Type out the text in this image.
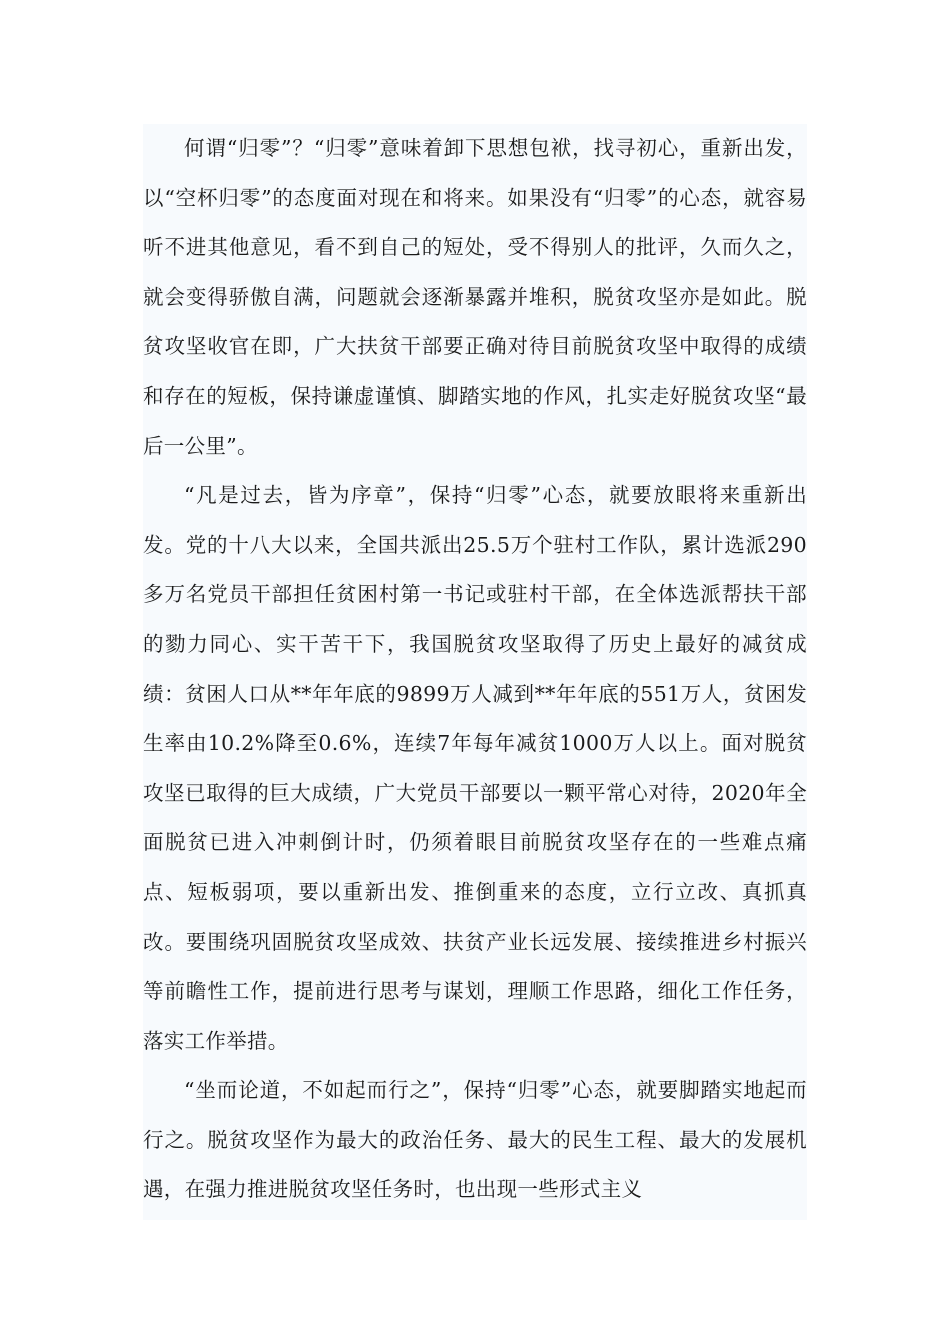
何谓“归零”？“归零”意味着卸下思想包袱，找寻初心，重新出发，以“空杯归零”的态度面对现在和将来。如果没有“归零”的心态，就容易听不进其他意见，看不到自己的短处，受不得别人的批评，久而久之，就会变得骄傲自满，问题就会逐渐暴露并堆积，脱贫攻坚亦是如此。脱贫攻坚收官在即，广大扶贫干部要正确对待目前脱贫攻坚中取得的成绩和存在的短板，保持谦虚谨慎、脚踏实地的作风，扎实走好脱贫攻坚“最后一公里”。

“凡是过去，皆为序章”，保持“归零”心态，就要放眼将来重新出发。党的十八大以来，全国共派出25.5万个驻村工作队，累计选派290多万名党员干部担任贫困村第一书记或驻村干部，在全体选派帮扶干部的勠力同心、实干苦干下，我国脱贫攻坚取得了历史上最好的减贫成绩：贫困人口从**年年底的9899万人减到**年年底的551万人，贫困发生率由10.2%降至0.6%，连续7年每年减贫1000万人以上。面对脱贫攻坚已取得的巨大成绩，广大党员干部要以一颗平常心对待，2020年全面脱贫已进入冲刺倒计时，仍须着眼目前脱贫攻坚存在的一些难点痛点、短板弱项，要以重新出发、推倒重来的态度，立行立改、真抓真改。要围绕巩固脱贫攻坚成效、扶贫产业长远发展、接续推进乡村振兴等前瞻性工作，提前进行思考与谋划，理顺工作思路，细化工作任务，落实工作举措。

“坐而论道，不如起而行之”，保持“归零”心态，就要脚踏实地起而行之。脱贫攻坚作为最大的政治任务、最大的民生工程、最大的发展机遇，在强力推进脱贫攻坚任务时，也出现一些形式主义
